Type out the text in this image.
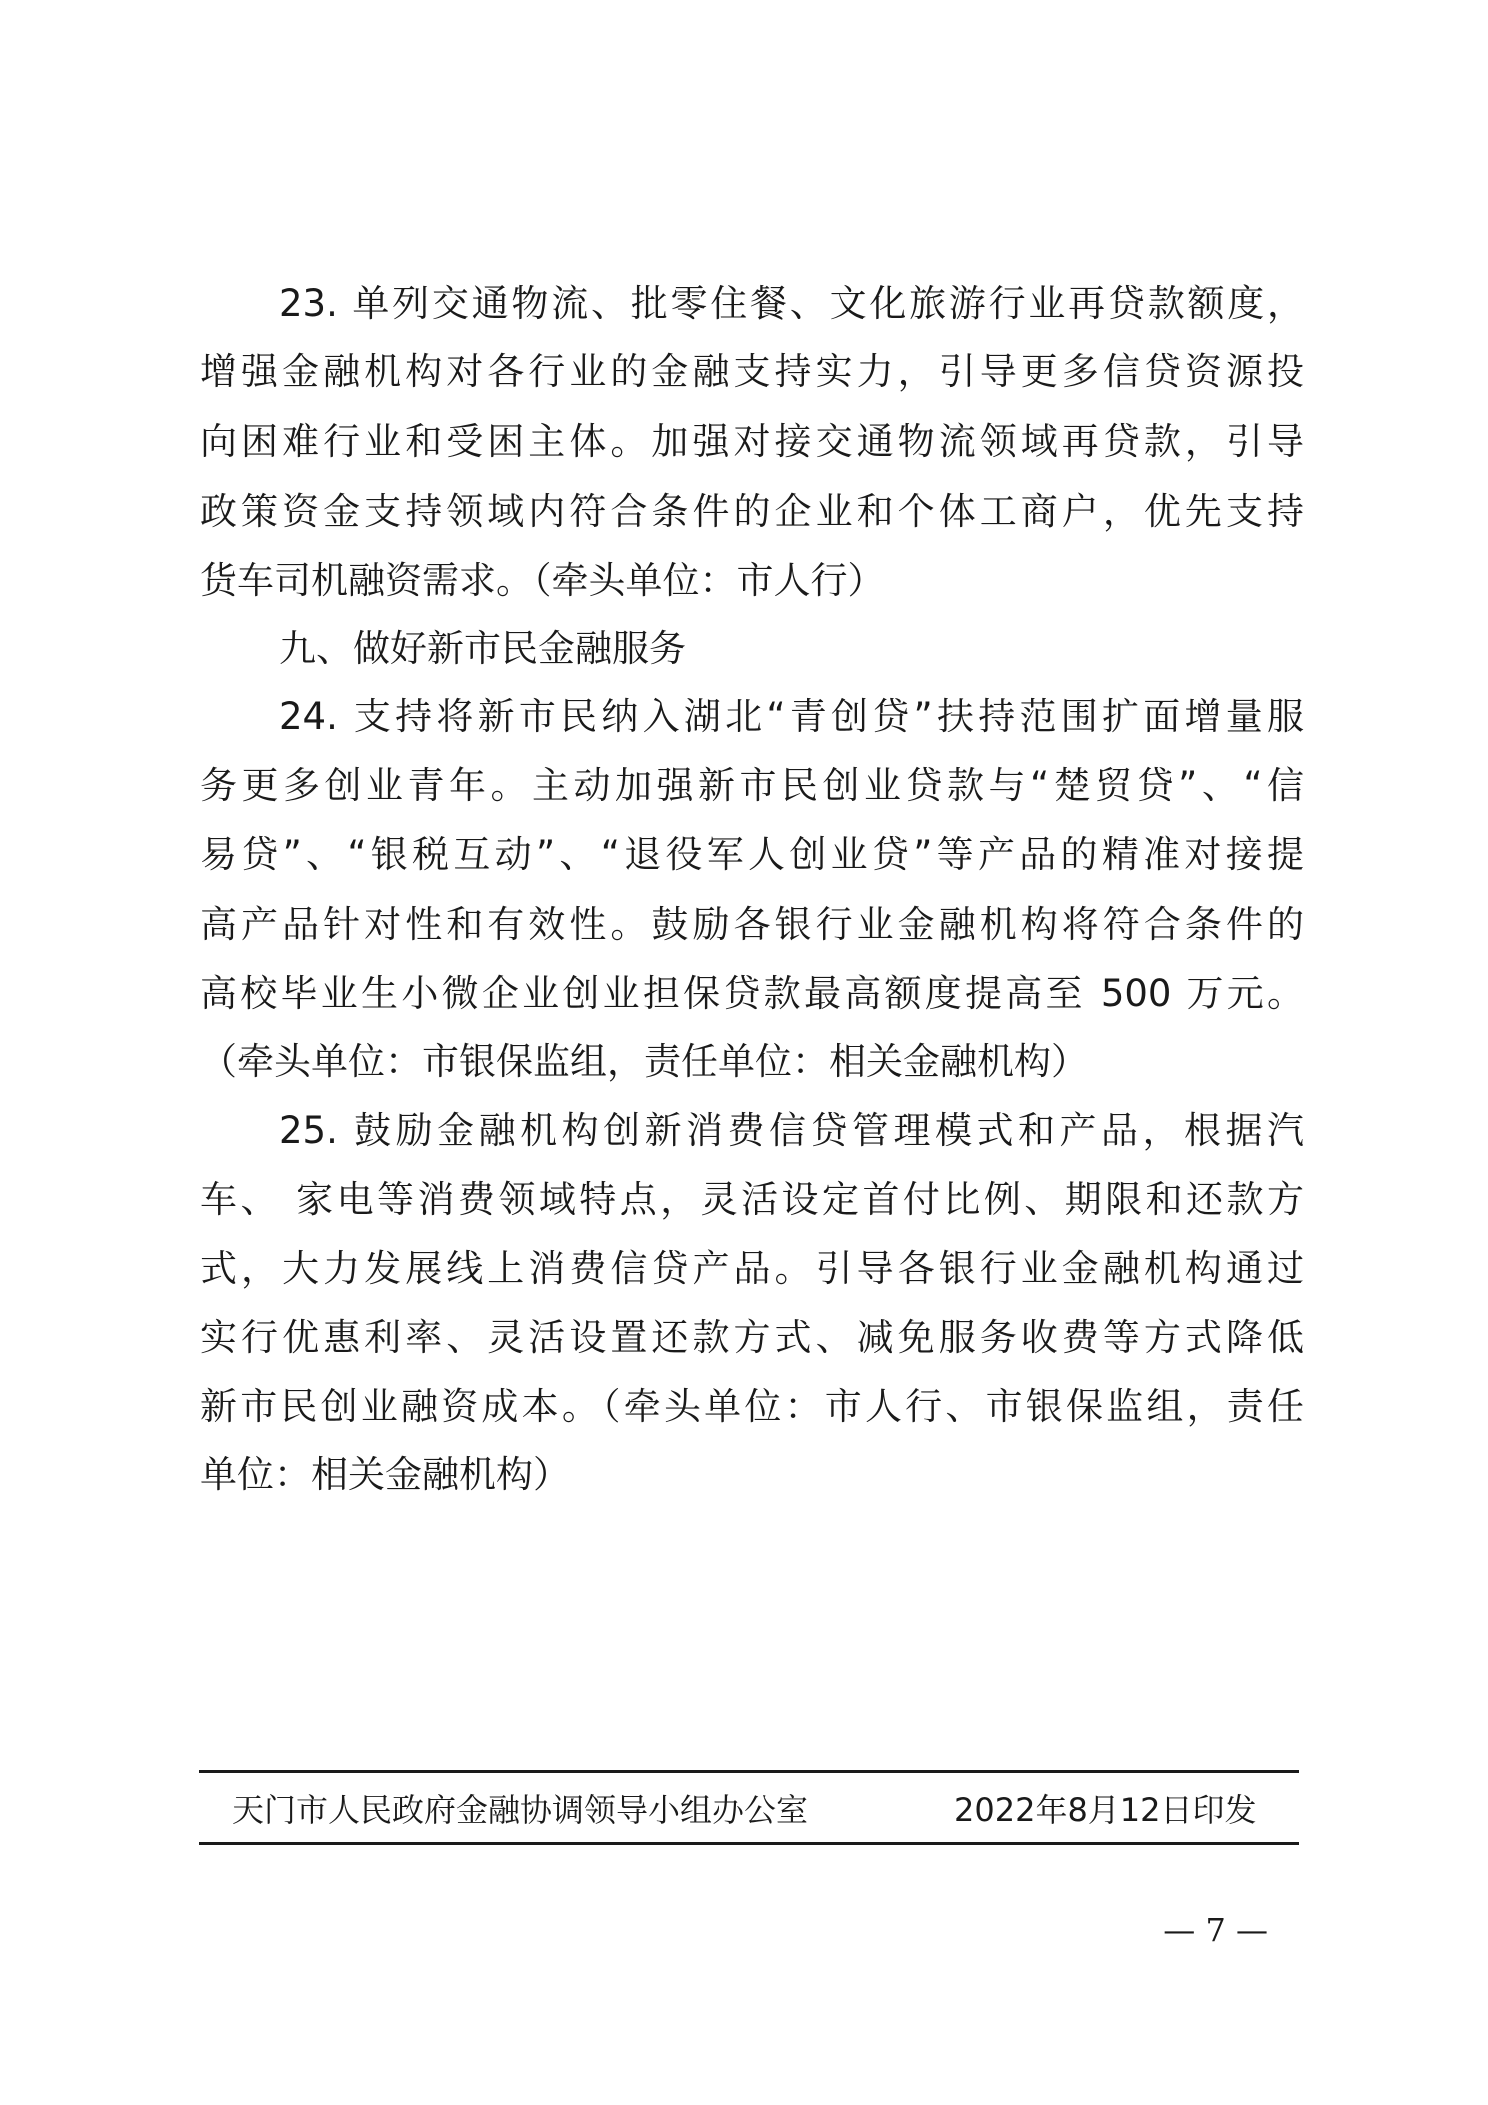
23. 单列交通物流、批零住餐、文化旅游行业再贷款额度，
增强金融机构对各行业的金融支持实力，引导更多信贷资源投
向困难行业和受困主体。加强对接交通物流领域再贷款，引导
政策资金支持领域内符合条件的企业和个体工商户，优先支持
货车司机融资需求。（牵头单位：市人行）
九、做好新市民金融服务
24. 支持将新市民纳入湖北“青创贷”扶持范围扩面增量服
务更多创业青年。主动加强新市民创业贷款与“楚贸贷”、“信
易贷”、“银税互动”、“退役军人创业贷”等产品的精准对接提
高产品针对性和有效性。鼓励各银行业金融机构将符合条件的
高校毕业生小微企业创业担保贷款最高额度提高至 500 万元。
（牵头单位：市银保监组，责任单位：相关金融机构）
25. 鼓励金融机构创新消费信贷管理模式和产品，根据汽
车、 家电等消费领域特点，灵活设定首付比例、期限和还款方
式，大力发展线上消费信贷产品。引导各银行业金融机构通过
实行优惠利率、灵活设置还款方式、减免服务收费等方式降低
新市民创业融资成本。（牵头单位：市人行、市银保监组，责任
单位：相关金融机构）
天门市人民政府金融协调领导小组办公室	2022年8月12日印发
— 7 —
